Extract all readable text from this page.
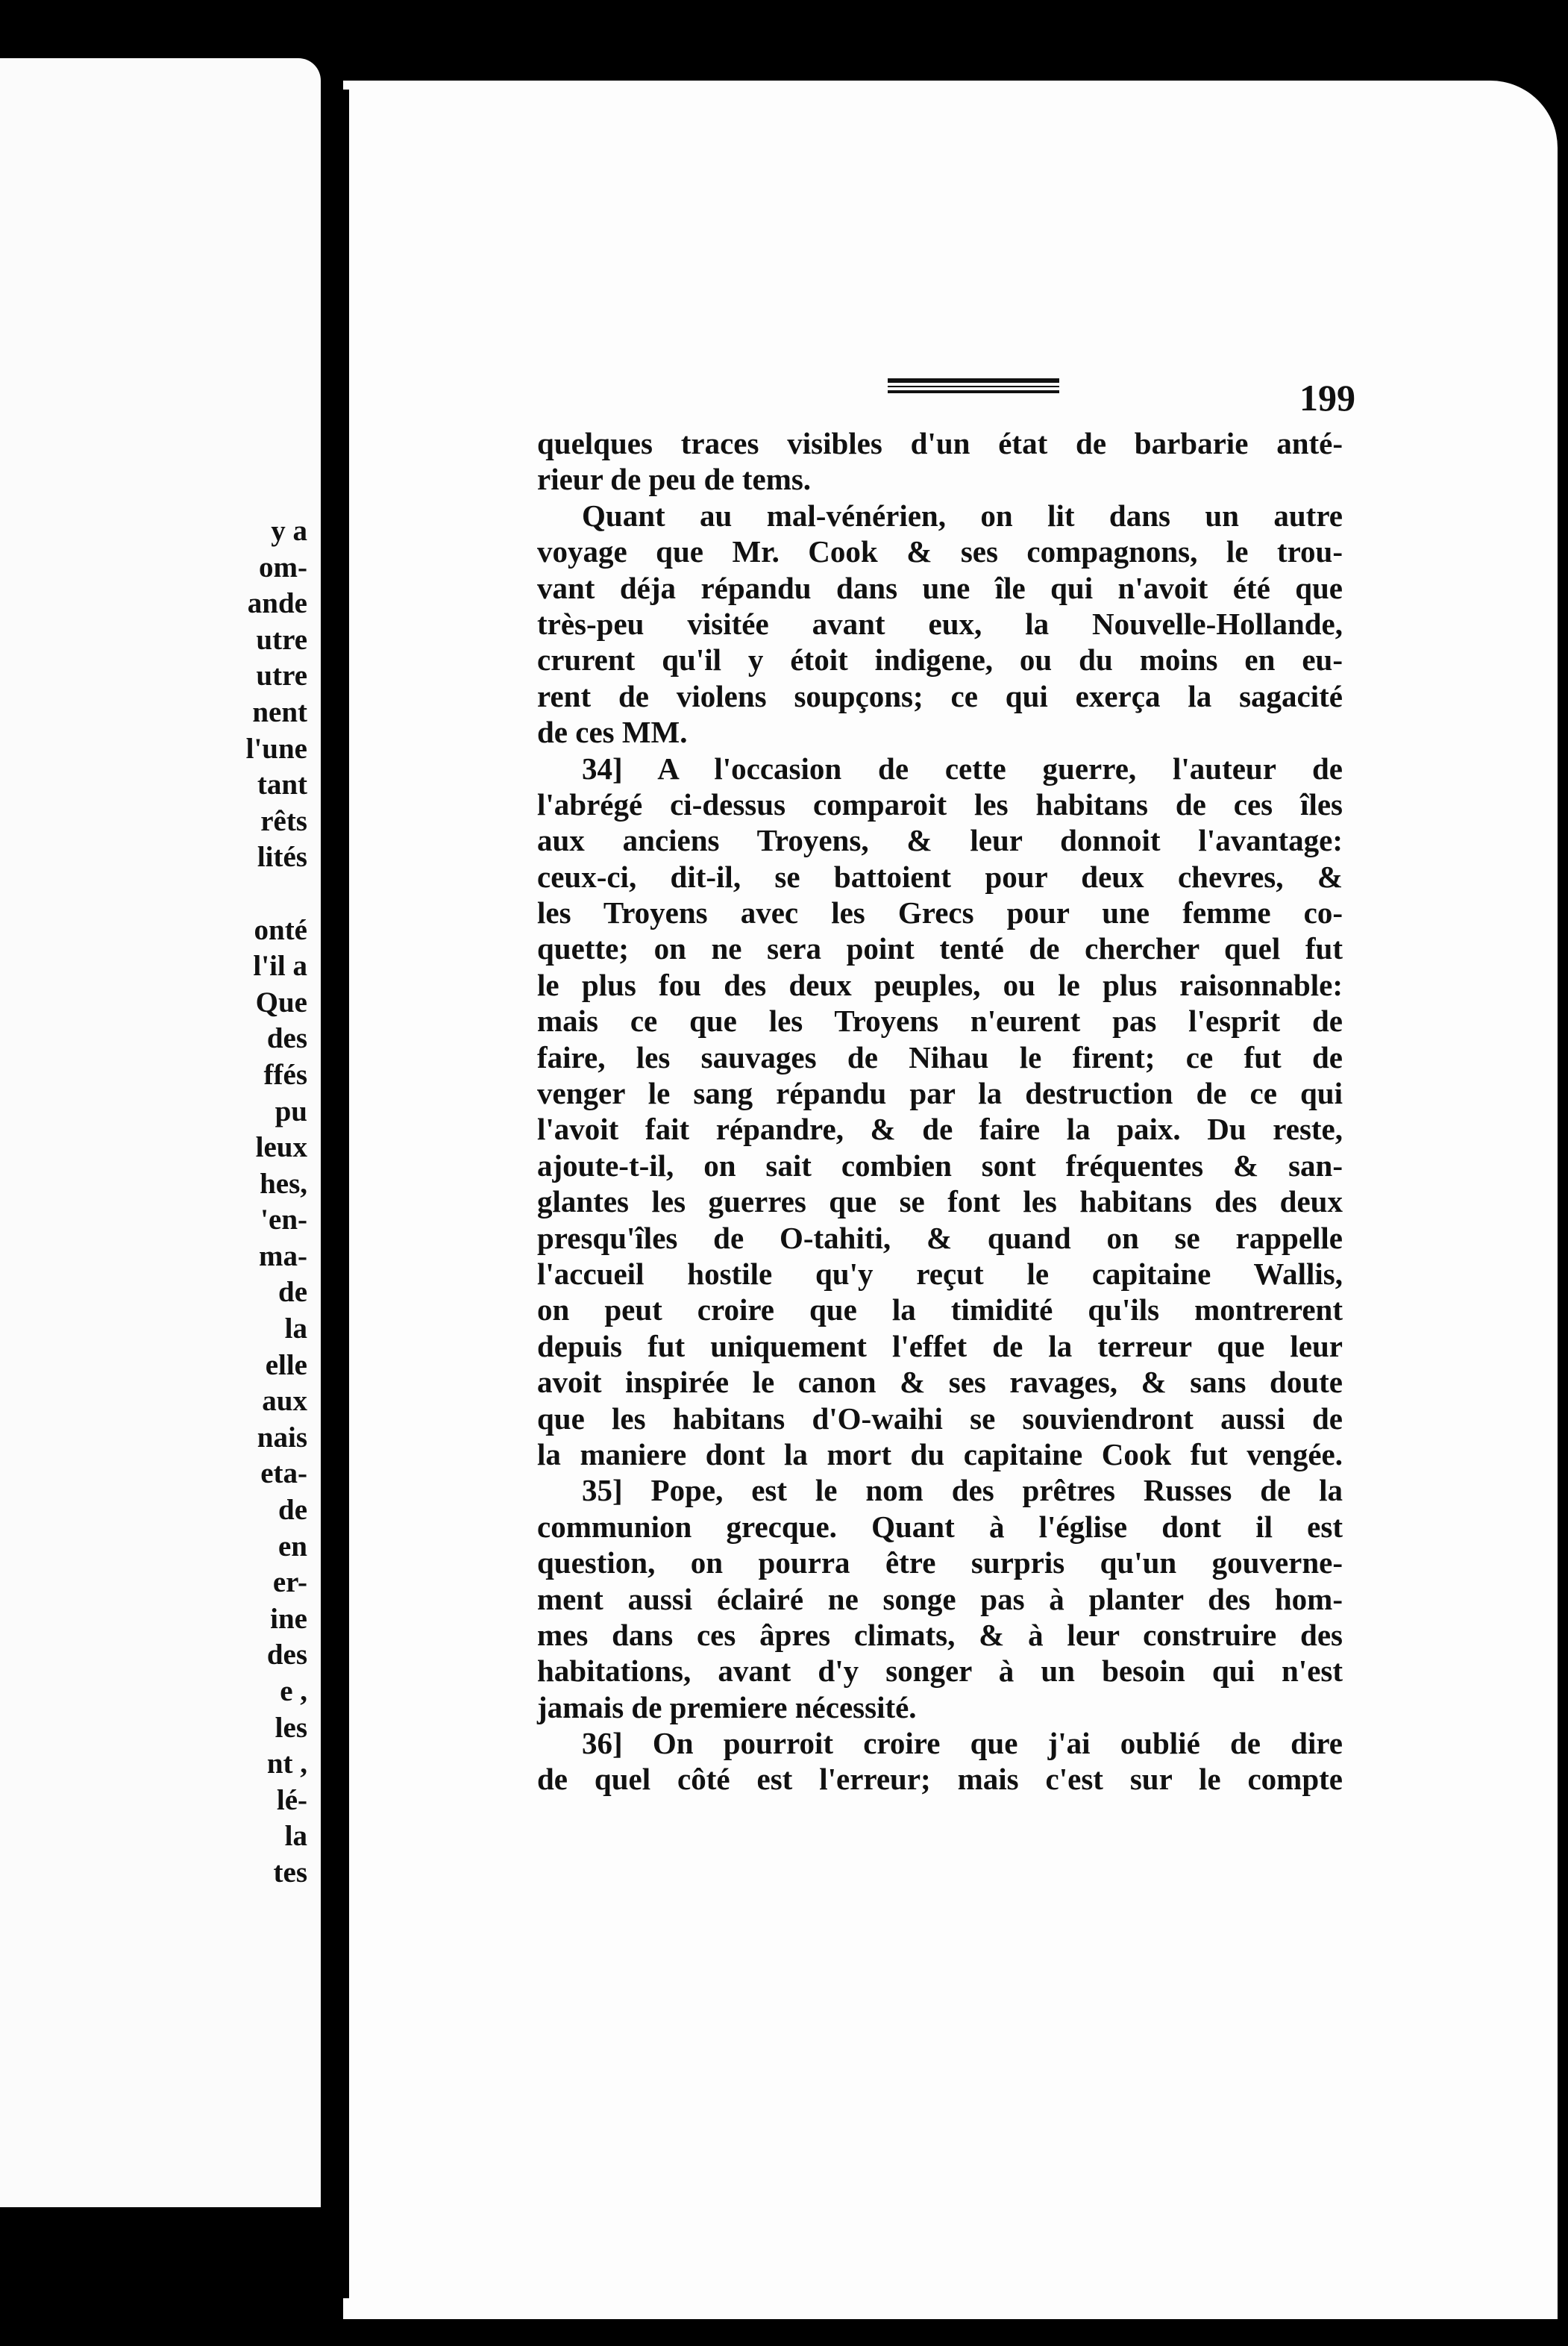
y a
om-
ande
utre
utre
nent
l'une
tant
rêts
lités

onté
l'il a
Que
des
ffés
pu
leux
hes,
'en-
ma-
de
la
elle
aux
nais
eta-
de
en
er-
ine
des
e ,
les
nt ,
lé-
la
tes
199
quelques traces visibles d'un état de barbarie anté-
rieur de peu de tems.
Quant au mal-vénérien, on lit dans un autre
voyage que Mr. Cook & ses compagnons, le trou-
vant déja répandu dans une île qui n'avoit été que
très-peu visitée avant eux, la Nouvelle-Hollande,
crurent qu'il y étoit indigene, ou du moins en eu-
rent de violens soupçons; ce qui exerça la sagacité
de ces MM.
34] A l'occasion de cette guerre, l'auteur de
l'abrégé ci-dessus comparoit les habitans de ces îles
aux anciens Troyens, & leur donnoit l'avantage:
ceux-ci, dit-il, se battoient pour deux chevres, &
les Troyens avec les Grecs pour une femme co-
quette; on ne sera point tenté de chercher quel fut
le plus fou des deux peuples, ou le plus raisonnable:
mais ce que les Troyens n'eurent pas l'esprit de
faire, les sauvages de Nihau le firent; ce fut de
venger le sang répandu par la destruction de ce qui
l'avoit fait répandre, & de faire la paix. Du reste,
ajoute-t-il, on sait combien sont fréquentes & san-
glantes les guerres que se font les habitans des deux
presqu'îles de O-tahiti, & quand on se rappelle
l'accueil hostile qu'y reçut le capitaine Wallis,
on peut croire que la timidité qu'ils montrerent
depuis fut uniquement l'effet de la terreur que leur
avoit inspirée le canon & ses ravages, & sans doute
que les habitans d'O-waihi se souviendront aussi de
la maniere dont la mort du capitaine Cook fut vengée.
35] Pope, est le nom des prêtres Russes de la
communion grecque. Quant à l'église dont il est
question, on pourra être surpris qu'un gouverne-
ment aussi éclairé ne songe pas à planter des hom-
mes dans ces âpres climats, & à leur construire des
habitations, avant d'y songer à un besoin qui n'est
jamais de premiere nécessité.
36] On pourroit croire que j'ai oublié de dire
de quel côté est l'erreur; mais c'est sur le compte
